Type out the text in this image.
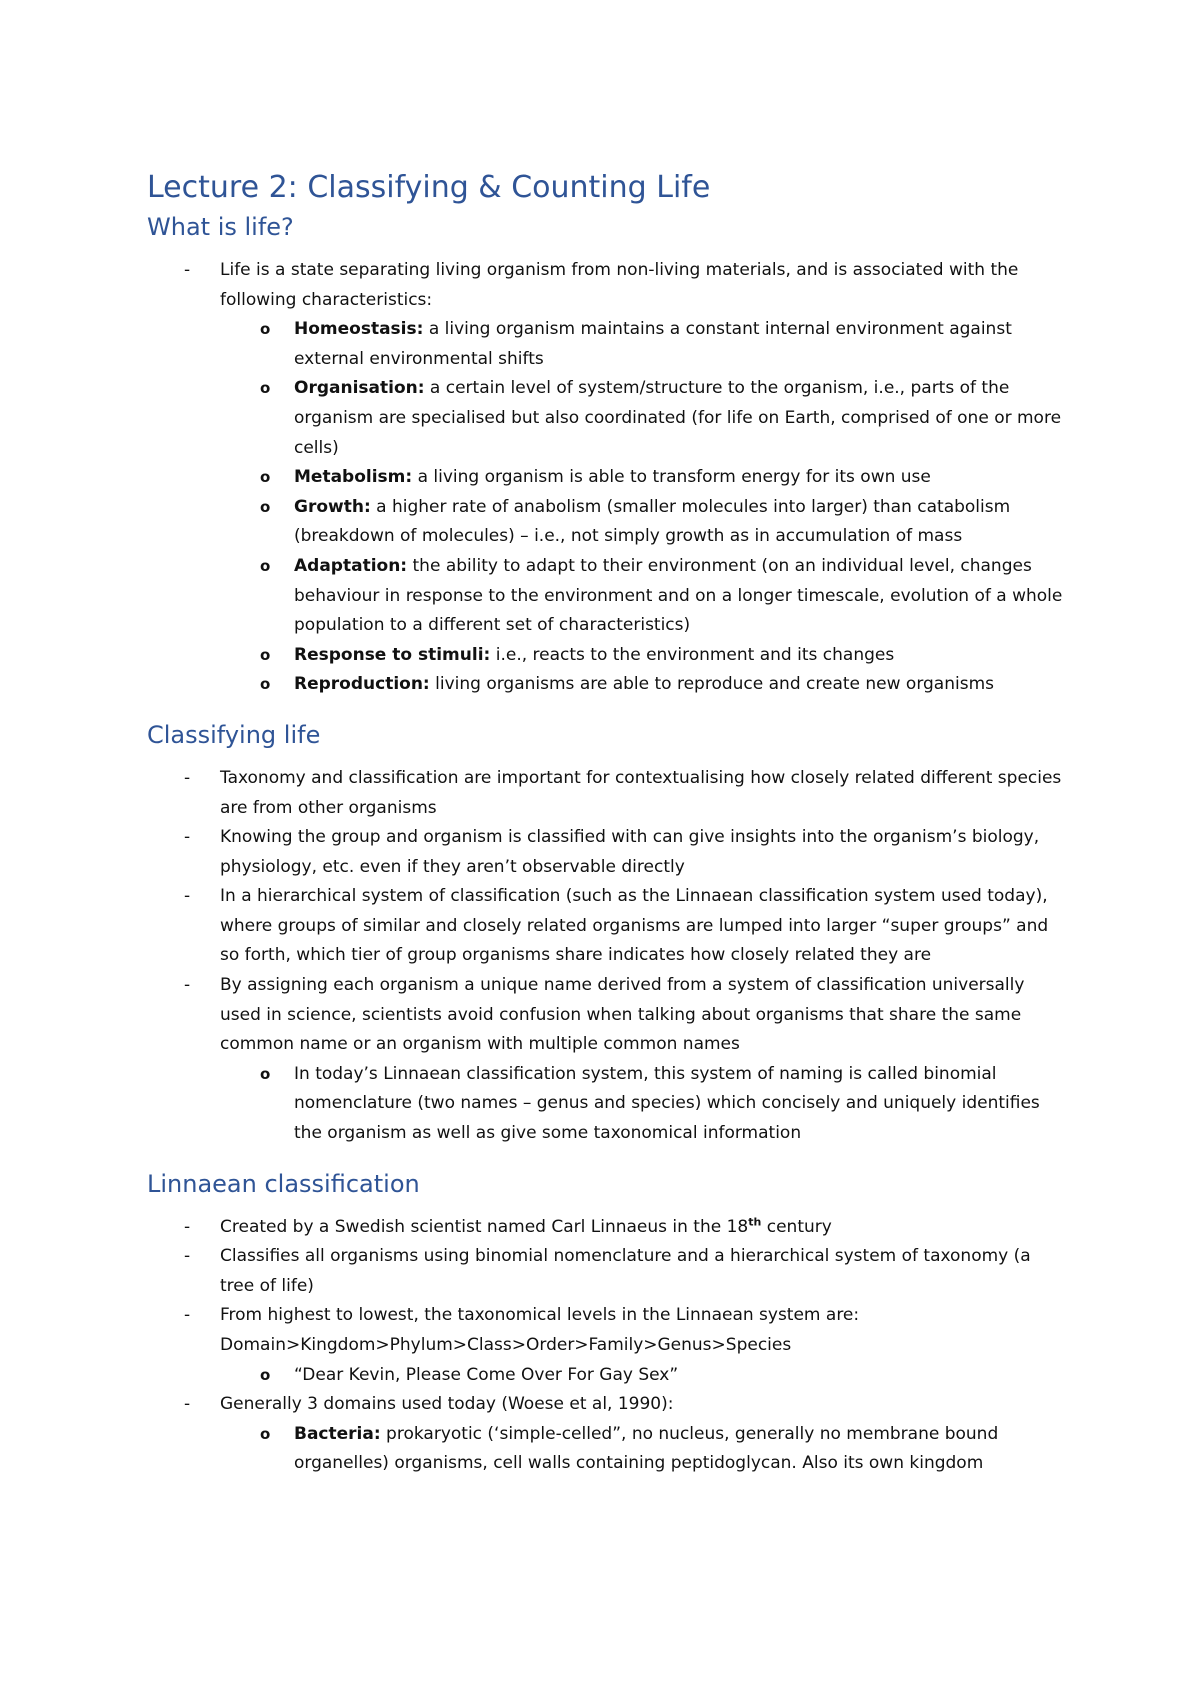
Lecture 2: Classifying & Counting Life
What is life?
- Life is a state separating living organism from non-living materials, and is associated with the following characteristics:
o Homeostasis: a living organism maintains a constant internal environment against external environmental shifts
o Organisation: a certain level of system/structure to the organism, i.e., parts of the organism are specialised but also coordinated (for life on Earth, comprised of one or more cells)
o Metabolism: a living organism is able to transform energy for its own use
o Growth: a higher rate of anabolism (smaller molecules into larger) than catabolism (breakdown of molecules) – i.e., not simply growth as in accumulation of mass
o Adaptation: the ability to adapt to their environment (on an individual level, changes behaviour in response to the environment and on a longer timescale, evolution of a whole population to a different set of characteristics)
o Response to stimuli: i.e., reacts to the environment and its changes
o Reproduction: living organisms are able to reproduce and create new organisms
Classifying life
- Taxonomy and classification are important for contextualising how closely related different species are from other organisms
- Knowing the group and organism is classified with can give insights into the organism’s biology, physiology, etc. even if they aren’t observable directly
- In a hierarchical system of classification (such as the Linnaean classification system used today), where groups of similar and closely related organisms are lumped into larger “super groups” and so forth, which tier of group organisms share indicates how closely related they are
- By assigning each organism a unique name derived from a system of classification universally used in science, scientists avoid confusion when talking about organisms that share the same common name or an organism with multiple common names
o In today’s Linnaean classification system, this system of naming is called binomial nomenclature (two names – genus and species) which concisely and uniquely identifies the organism as well as give some taxonomical information
Linnaean classification
- Created by a Swedish scientist named Carl Linnaeus in the 18th century
- Classifies all organisms using binomial nomenclature and a hierarchical system of taxonomy (a tree of life)
- From highest to lowest, the taxonomical levels in the Linnaean system are:
Domain>Kingdom>Phylum>Class>Order>Family>Genus>Species
o “Dear Kevin, Please Come Over For Gay Sex”
- Generally 3 domains used today (Woese et al, 1990):
o Bacteria: prokaryotic (‘simple-celled”, no nucleus, generally no membrane bound organelles) organisms, cell walls containing peptidoglycan. Also its own kingdom
